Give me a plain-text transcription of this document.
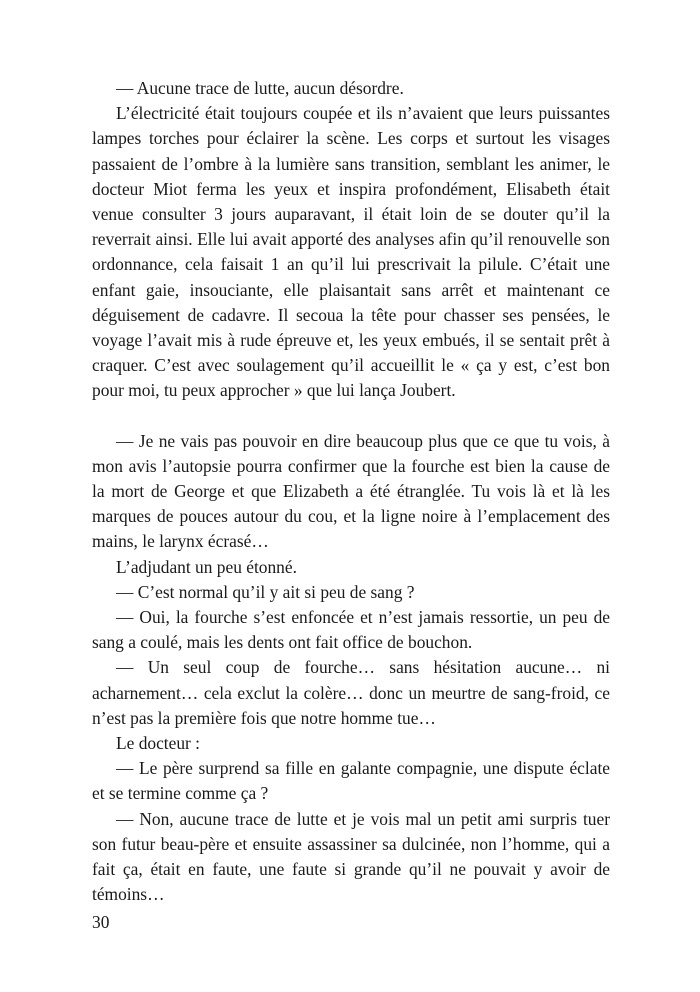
— Aucune trace de lutte, aucun désordre.

L’électricité était toujours coupée et ils n’avaient que leurs puissantes lampes torches pour éclairer la scène. Les corps et surtout les visages passaient de l’ombre à la lumière sans transition, semblant les animer, le docteur Miot ferma les yeux et inspira profondément, Elisabeth était venue consulter 3 jours auparavant, il était loin de se douter qu’il la reverrait ainsi. Elle lui avait apporté des analyses afin qu’il renouvelle son ordonnance, cela faisait 1 an qu’il lui prescrivait la pilule. C’était une enfant gaie, insouciante, elle plaisantait sans arrêt et maintenant ce déguisement de cadavre. Il secoua la tête pour chasser ses pensées, le voyage l’avait mis à rude épreuve et, les yeux embués, il se sentait prêt à craquer. C’est avec soulagement qu’il accueillit le « ça y est, c’est bon pour moi, tu peux approcher » que lui lança Joubert.

— Je ne vais pas pouvoir en dire beaucoup plus que ce que tu vois, à mon avis l’autopsie pourra confirmer que la fourche est bien la cause de la mort de George et que Elizabeth a été étranglée. Tu vois là et là les marques de pouces autour du cou, et la ligne noire à l’emplacement des mains, le larynx écrasé…

L’adjudant un peu étonné.

— C’est normal qu’il y ait si peu de sang ?

— Oui, la fourche s’est enfoncée et n’est jamais ressortie, un peu de sang a coulé, mais les dents ont fait office de bouchon.

— Un seul coup de fourche… sans hésitation aucune… ni acharnement… cela exclut la colère… donc un meurtre de sang-froid, ce n’est pas la première fois que notre homme tue…

Le docteur :

— Le père surprend sa fille en galante compagnie, une dispute éclate et se termine comme ça ?

— Non, aucune trace de lutte et je vois mal un petit ami surpris tuer son futur beau-père et ensuite assassiner sa dulcinée, non l’homme, qui a fait ça, était en faute, une faute si grande qu’il ne pouvait y avoir de témoins…

30
